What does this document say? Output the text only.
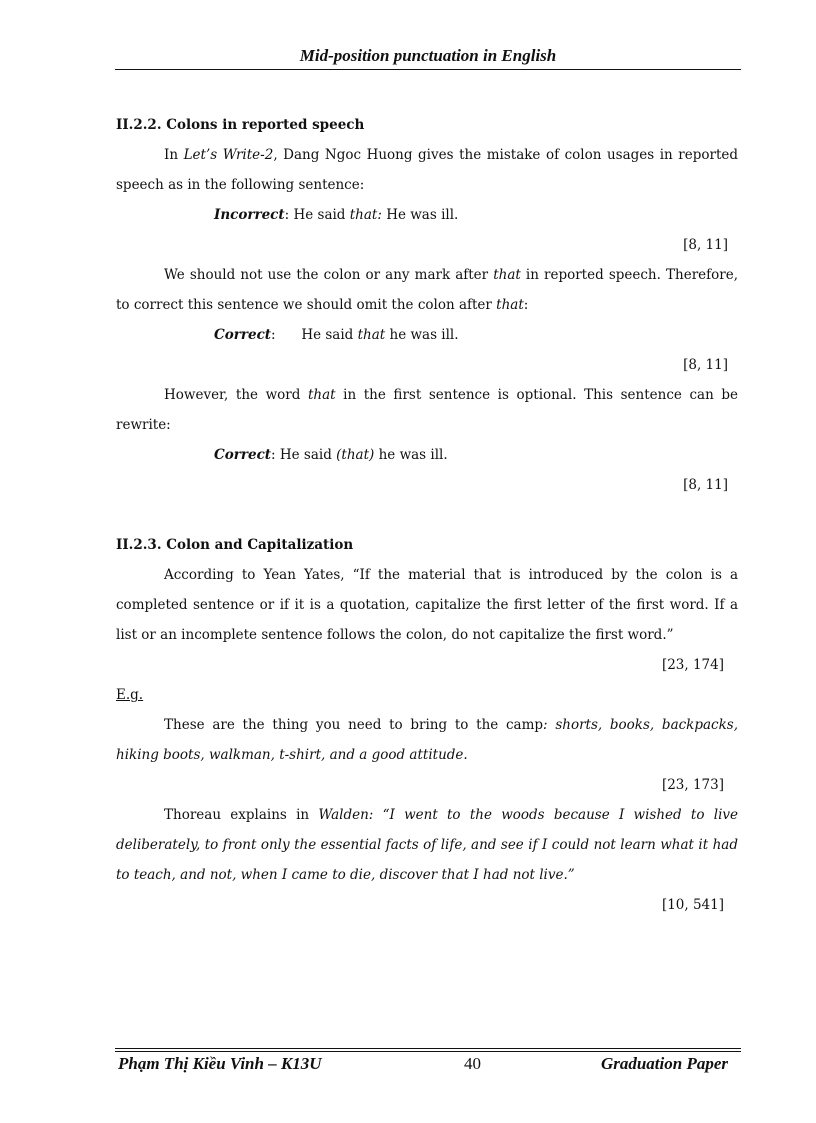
Mid-position punctuation in English

II.2.2. Colons in reported speech

In Let’s Write-2, Dang Ngoc Huong gives the mistake of colon usages in reported speech as in the following sentence:

Incorrect: He said that: He was ill.

[8, 11]

We should not use the colon or any mark after that in reported speech. Therefore, to correct this sentence we should omit the colon after that:

Correct:      He said that he was ill.

[8, 11]

However, the word that in the first sentence is optional. This sentence can be rewrite:

Correct: He said (that) he was ill.

[8, 11]

II.2.3. Colon and Capitalization

According to Yean Yates, “If the material that is introduced by the colon is a completed sentence or if it is a quotation, capitalize the first letter of the first word. If a list or an incomplete sentence follows the colon, do not capitalize the first word.”

[23, 174]

E.g.

These are the thing you need to bring to the camp: shorts, books, backpacks, hiking boots, walkman, t-shirt, and a good attitude.

[23, 173]

Thoreau explains in Walden: “I went to the woods because I wished to live deliberately, to front only the essential facts of life, and see if I could not learn what it had to teach, and not, when I came to die, discover that I had not live.”

[10, 541]

Phạm Thị Kiều Vinh – K13U	40	Graduation Paper
